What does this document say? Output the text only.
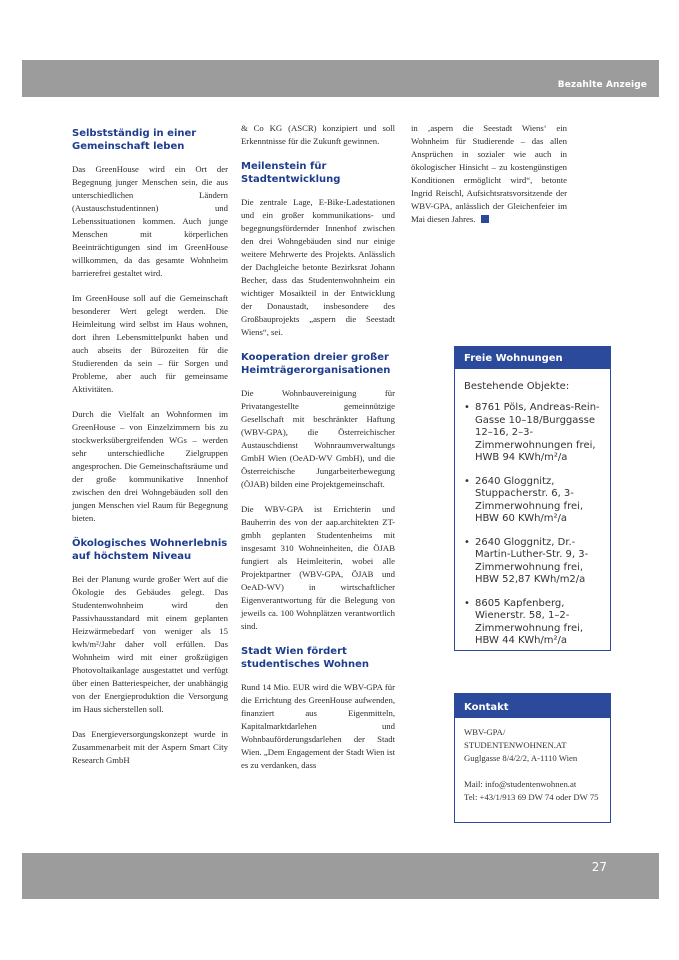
Bezahlte Anzeige
Selbstständig in einer Gemeinschaft leben

Das GreenHouse wird ein Ort der Begegnung junger Menschen sein, die aus unterschiedlichen Ländern (Austauschstudentinnen) und Lebenssituationen kommen. Auch junge Menschen mit körperlichen Beeinträchtigungen sind im GreenHouse willkommen, da das gesamte Wohnheim barrierefrei gestaltet wird.

Im GreenHouse soll auf die Gemeinschaft besonderer Wert gelegt werden. Die Heimleitung wird selbst im Haus wohnen, dort ihren Lebensmittelpunkt haben und auch abseits der Bürozeiten für die Studierenden da sein – für Sorgen und Probleme, aber auch für gemeinsame Aktivitäten.

Durch die Vielfalt an Wohnformen im GreenHouse – von Einzelzimmern bis zu stockwerksübergreifenden WGs – werden sehr unterschiedliche Zielgruppen angesprochen. Die Gemeinschaftsräume und der große kommunikative Innenhof zwischen den drei Wohngebäuden soll den jungen Menschen viel Raum für Begegnung bieten.

Ökologisches Wohnerlebnis auf höchstem Niveau

Bei der Planung wurde großer Wert auf die Ökologie des Gebäudes gelegt. Das Studentenwohnheim wird den Passivhausstandard mit einem geplanten Heizwärmebedarf von weniger als 15 kwh/m²/Jahr daher voll erfüllen. Das Wohnheim wird mit einer großzügigen Photovoltaikanlage ausgestattet und verfügt über einen Batteriespeicher, der unabhängig von der Energieproduktion die Versorgung im Haus sicherstellen soll.

Das Energieversorgungskonzept wurde in Zusammenarbeit mit der Aspern Smart City Research GmbH

& Co KG (ASCR) konzipiert und soll Erkenntnisse für die Zukunft gewinnen.

Meilenstein für Stadtentwicklung

Die zentrale Lage, E-Bike-Ladestationen und ein großer kommunikations- und begegnungsfördernder Innenhof zwischen den drei Wohngebäuden sind nur einige weitere Mehrwerte des Projekts. Anlässlich der Dachgleiche betonte Bezirksrat Johann Becher, dass das Studentenwohnheim ein wichtiger Mosaikteil in der Entwicklung der Donaustadt, insbesondere des Großbauprojekts „aspern die Seestadt Wiens“, sei.

Kooperation dreier großer Heimträgerorganisationen

Die Wohnbauvereinigung für Privatangestellte gemeinnützige Gesellschaft mit beschränkter Haftung (WBV-GPA), die Österreichischer Austauschdienst Wohnraumverwaltungs GmbH Wien (OeAD-WV GmbH), und die Österreichische Jungarbeiterbewegung (ÖJAB) bilden eine Projektgemeinschaft.

Die WBV-GPA ist Errichterin und Bauherrin des von der aap.architekten ZT-gmbh geplanten Studentenheims mit insgesamt 310 Wohneinheiten, die ÖJAB fungiert als Heimleiterin, wobei alle Projektpartner (WBV-GPA, ÖJAB und OeAD-WV) in wirtschaftlicher Eigenverantwortung für die Belegung von jeweils ca. 100 Wohnplätzen verantwortlich sind.

Stadt Wien fördert studentisches Wohnen

Rund 14 Mio. EUR wird die WBV-GPA für die Errichtung des GreenHouse aufwenden, finanziert aus Eigenmitteln, Kapitalmarktdarlehen und Wohnbauförderungsdarlehen der Stadt Wien. „Dem Engagement der Stadt Wien ist es zu verdanken, dass

in ‚aspern die Seestadt Wiens‘ ein Wohnheim für Studierende – das allen Ansprüchen in sozialer wie auch in ökologischer Hinsicht – zu kostengünstigen Konditionen ermöglicht wird“, betonte Ingrid Reischl, Aufsichtsratsvorsitzende der WBV-GPA, anlässlich der Gleichenfeier im Mai diesen Jahres.

Freie Wohnungen
Bestehende Objekte:
• 8761 Pöls, Andreas-Rein-Gasse 10–18/Burggasse 12–16, 2–3-Zimmerwohnungen frei, HWB 94 KWh/m²/a
• 2640 Gloggnitz, Stuppacherstr. 6, 3-Zimmerwohnung frei, HBW 60 KWh/m²/a
• 2640 Gloggnitz, Dr.-Martin-Luther-Str. 9, 3-Zimmerwohnung frei, HBW 52,87 KWh/m2/a
• 8605 Kapfenberg, Wienerstr. 58, 1–2-Zimmerwohnung frei, HBW 44 KWh/m²/a
Kontakt
WBV-GPA/ STUDENTENWOHNEN.AT
Guglgasse 8/4/2/2, A-1110 Wien
Mail: info@studentenwohnen.at
Tel: +43/1/913 69 DW 74 oder DW 75
27
